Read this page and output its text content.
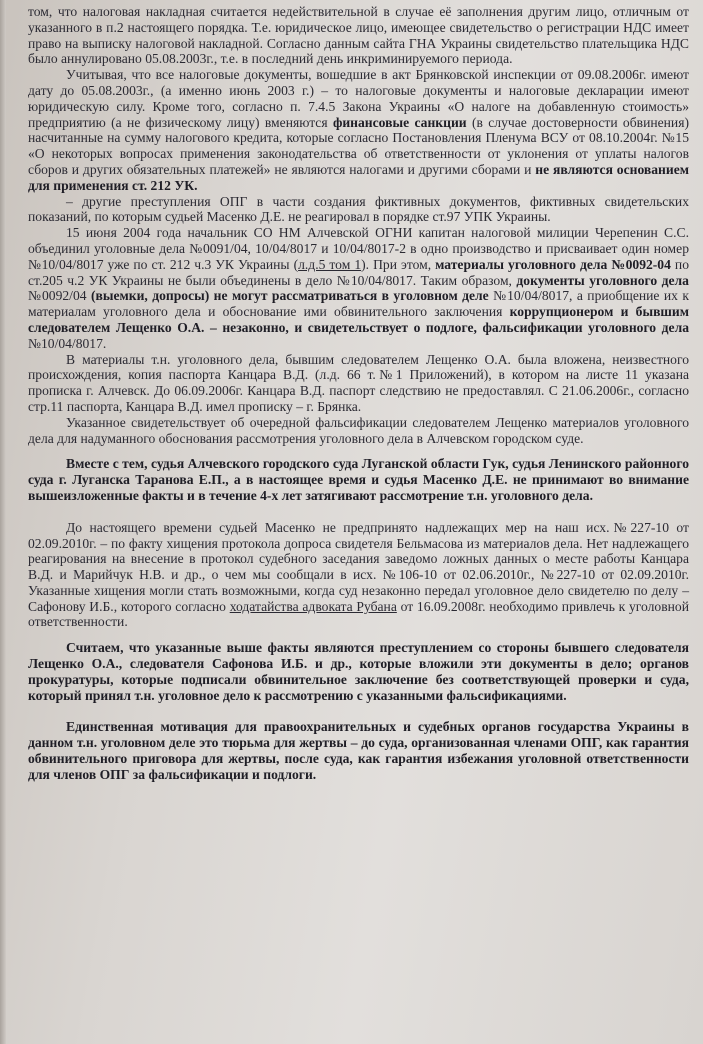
том, что налоговая накладная считается недействительной в случае её заполнения другим лицо, отличным от указанного в п.2 настоящего порядка. Т.е. юридическое лицо, имеющее свидетельство о регистрации НДС имеет право на выписку налоговой накладной. Согласно данным сайта ГНА Украины свидетельство плательщика НДС было аннулировано 05.08.2003г., т.е. в последний день инкриминируемого периода.

Учитывая, что все налоговые документы, вошедшие в акт Брянковской инспекции от 09.08.2006г. имеют дату до 05.08.2003г., (а именно июнь 2003 г.) – то налоговые документы и налоговые декларации имеют юридическую силу. Кроме того, согласно п. 7.4.5 Закона Украины «О налоге на добавленную стоимость» предприятию (а не физическому лицу) вменяются финансовые санкции (в случае достоверности обвинения) насчитанные на сумму налогового кредита, которые согласно Постановления Пленума ВСУ от 08.10.2004г. №15 «О некоторых вопросах применения законодательства об ответственности от уклонения от уплаты налогов сборов и других обязательных платежей» не являются налогами и другими сборами и не являются основанием для применения ст. 212 УК.

– другие преступления ОПГ в части создания фиктивных документов, фиктивных свидетельских показаний, по которым судьей Масенко Д.Е. не реагировал в порядке ст.97 УПК Украины.

15 июня 2004 года начальник СО НМ Алчевской ОГНИ капитан налоговой милиции Черепенин С.С. объединил уголовные дела №0091/04, 10/04/8017 и 10/04/8017-2 в одно производство и присваивает один номер №10/04/8017 уже по ст. 212 ч.3 УК Украины (л.д.5 том 1). При этом, материалы уголовного дела №0092-04 по ст.205 ч.2 УК Украины не были объединены в дело №10/04/8017. Таким образом, документы уголовного дела №0092/04 (выемки, допросы) не могут рассматриваться в уголовном деле №10/04/8017, а приобщение их к материалам уголовного дела и обоснование ими обвинительного заключения коррупционером и бывшим следователем Лещенко О.А. – незаконно, и свидетельствует о подлоге, фальсификации уголовного дела №10/04/8017.

В материалы т.н. уголовного дела, бывшим следователем Лещенко О.А. была вложена, неизвестного происхождения, копия паспорта Канцара В.Д. (л.д. 66 т.№1 Приложений), в котором на листе 11 указана прописка г. Алчевск. До 06.09.2006г. Канцара В.Д. паспорт следствию не предоставлял. С 21.06.2006г., согласно стр.11 паспорта, Канцара В.Д. имел прописку – г. Брянка.

Указанное свидетельствует об очередной фальсификации следователем Лещенко материалов уголовного дела для надуманного обоснования рассмотрения уголовного дела в Алчевском городском суде.

Вместе с тем, судья Алчевского городского суда Луганской области Гук, судья Ленинского районного суда г. Луганска Таранова Е.П., а в настоящее время и судья Масенко Д.Е. не принимают во внимание вышеизложенные факты и в течение 4-х лет затягивают рассмотрение т.н. уголовного дела.

До настоящего времени судьей Масенко не предпринято надлежащих мер на наш исх.№227-10 от 02.09.2010г. – по факту хищения протокола допроса свидетеля Бельмасова из материалов дела. Нет надлежащего реагирования на внесение в протокол судебного заседания заведомо ложных данных о месте работы Канцара В.Д. и Марийчук Н.В. и др., о чем мы сообщали в исх. №106-10 от 02.06.2010г., №227-10 от 02.09.2010г. Указанные хищения могли стать возможными, когда суд незаконно передал уголовное дело свидетелю по делу – Сафонову И.Б., которого согласно ходатайства адвоката Рубана от 16.09.2008г. необходимо привлечь к уголовной ответственности.

Считаем, что указанные выше факты являются преступлением со стороны бывшего следователя Лещенко О.А., следователя Сафонова И.Б. и др., которые вложили эти документы в дело; органов прокуратуры, которые подписали обвинительное заключение без соответствующей проверки и суда, который принял т.н. уголовное дело к рассмотрению с указанными фальсификациями.

Единственная мотивация для правоохранительных и судебных органов государства Украины в данном т.н. уголовном деле это тюрьма для жертвы – до суда, организованная членами ОПГ, как гарантия обвинительного приговора для жертвы, после суда, как гарантия избежания уголовной ответственности для членов ОПГ за фальсификации и подлоги.
